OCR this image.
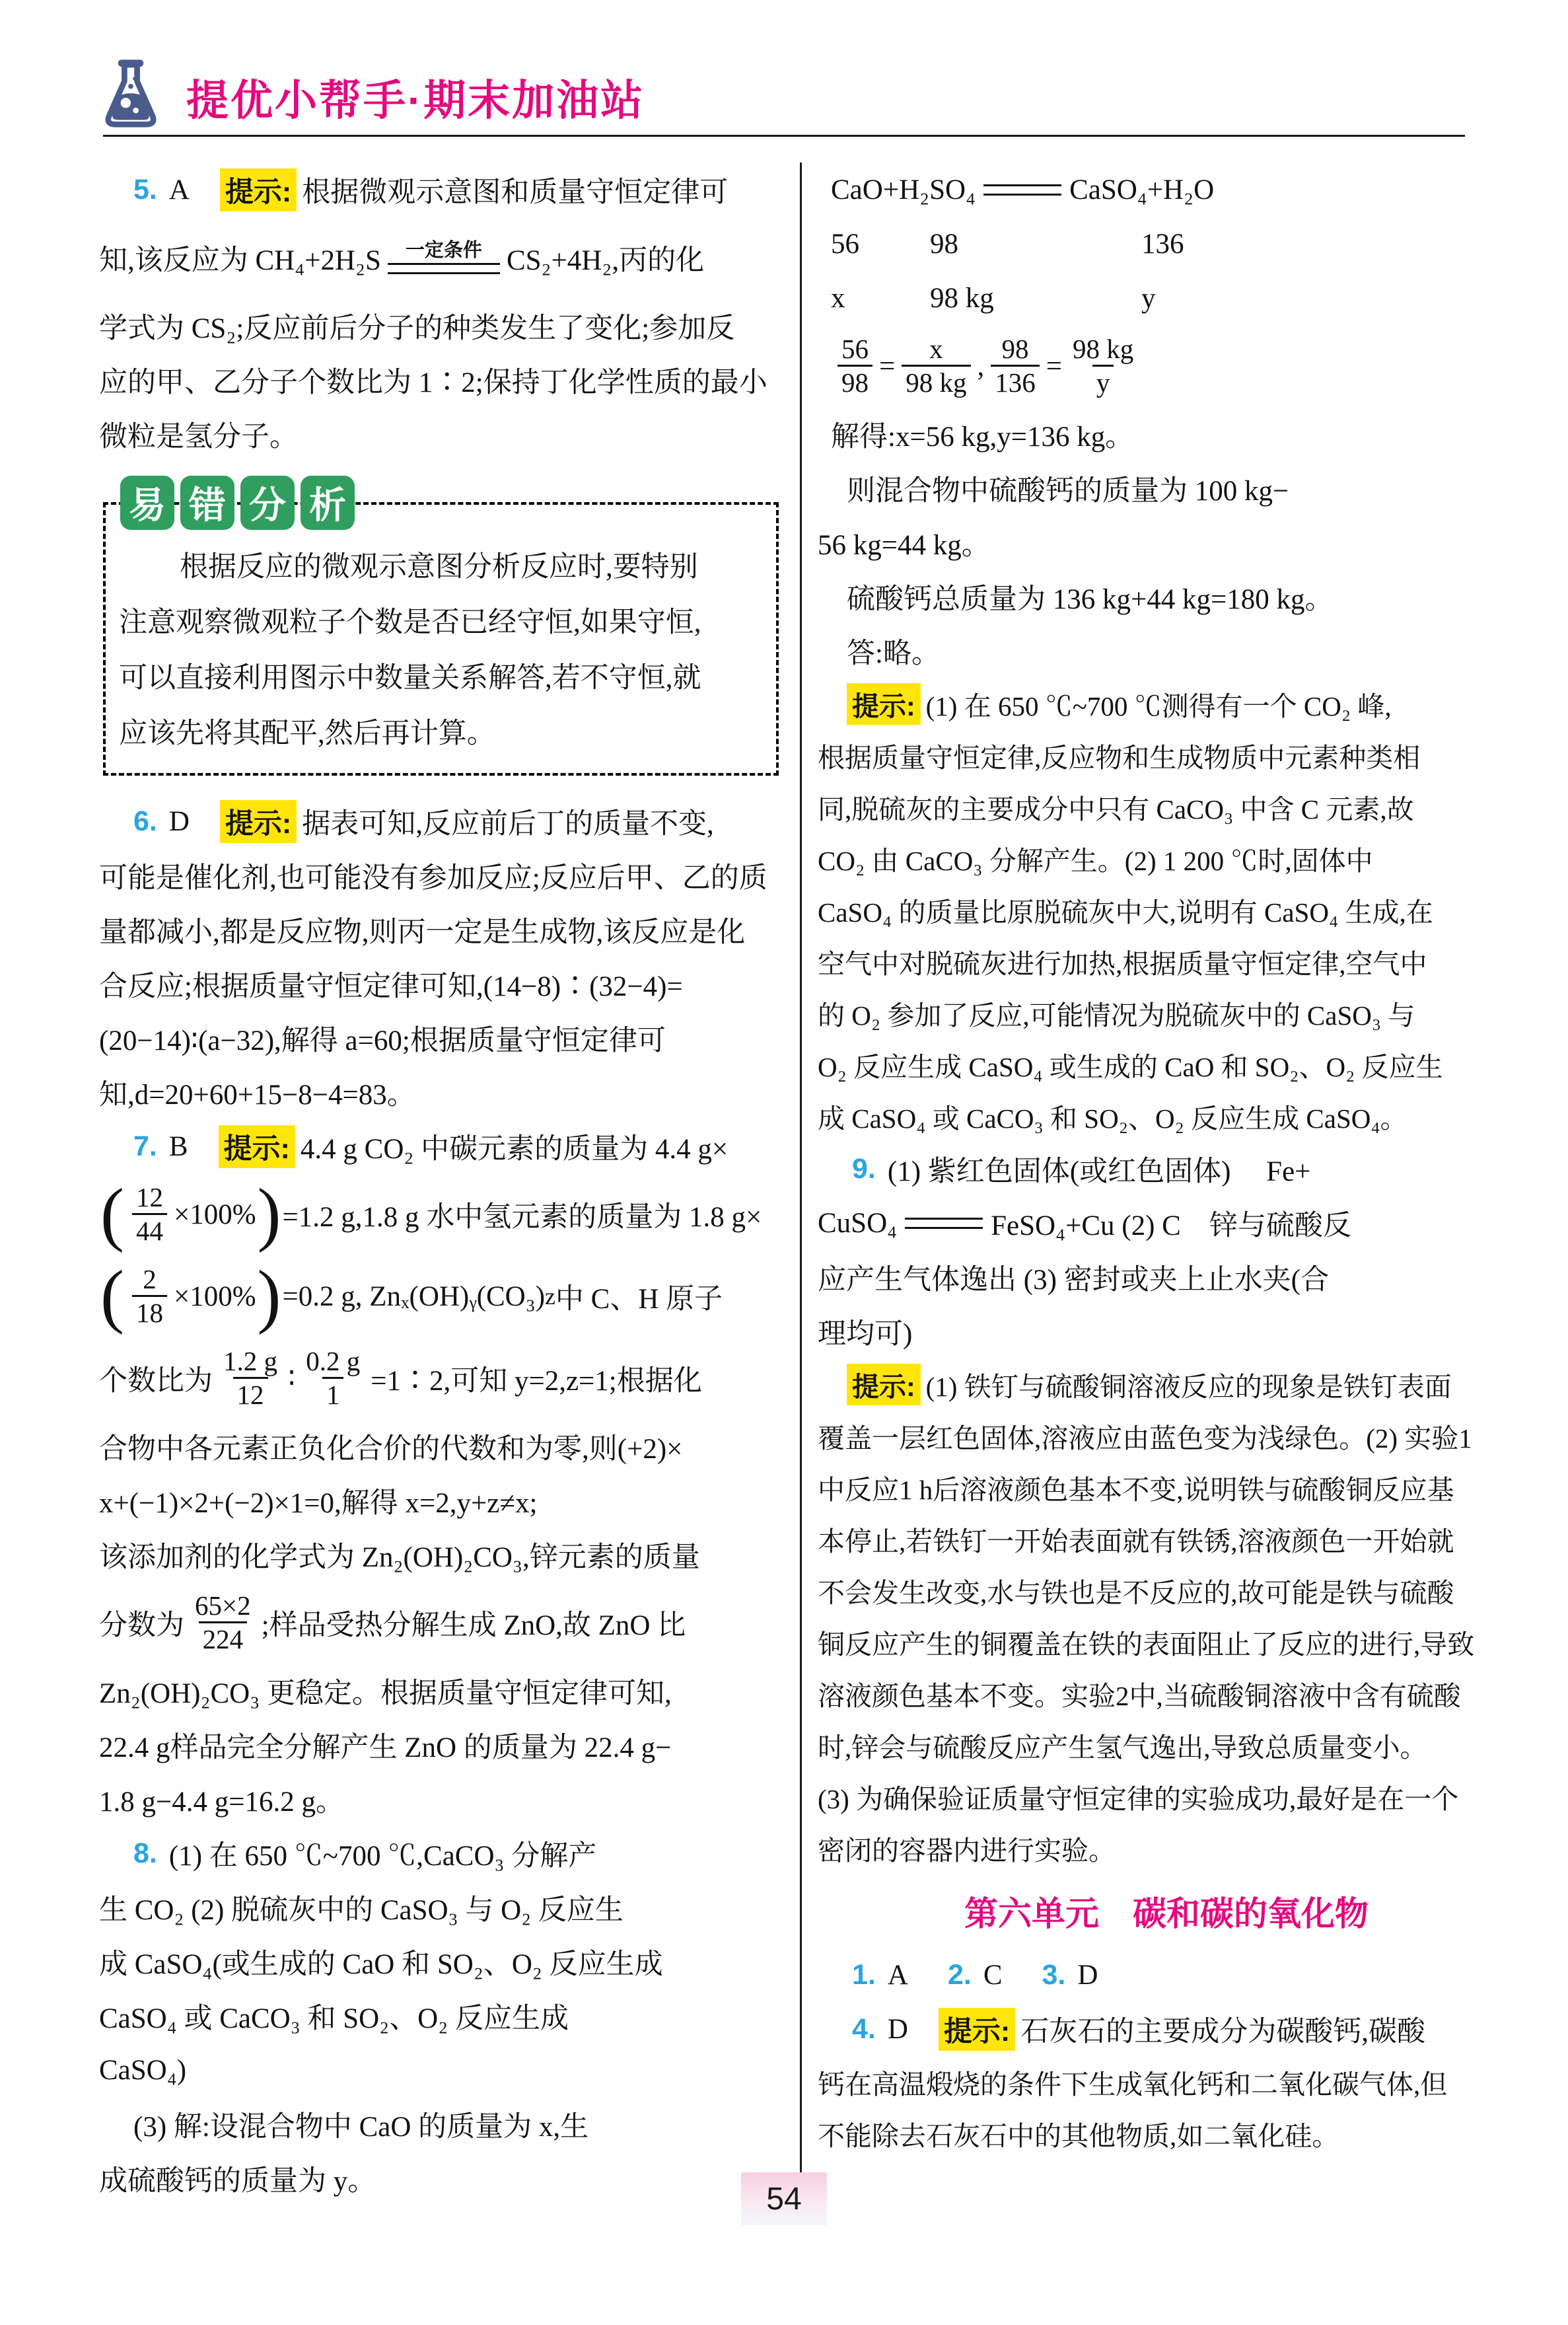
提优小帮手·期末加油站
5. A 提示: 根据微观示意图和质量守恒定律可
知,该反应为 CH₄+2H₂S 一定条件 CS₂+4H₂,丙的化
学式为 CS₂;反应前后分子的种类发生了变化;参加反
应的甲、乙分子个数比为 1∶2;保持丁化学性质的最小
微粒是氢分子。
易 错 分 析
根据反应的微观示意图分析反应时,要特别
注意观察微观粒子个数是否已经守恒,如果守恒,
可以直接利用图示中数量关系解答,若不守恒,就
应该先将其配平,然后再计算。
6. D 提示: 据表可知,反应前后丁的质量不变,
可能是催化剂,也可能没有参加反应;反应后甲、乙的质
量都减小,都是反应物,则丙一定是生成物,该反应是化
合反应;根据质量守恒定律可知,(14−8)∶(32−4)=
(20−14)∶(a−32),解得 a=60;根据质量守恒定律可
知,d=20+60+15−8−4=83。
7. B 提示: 4.4 g CO₂ 中碳元素的质量为 4.4 g×
( $\frac{12}{44} \times 100\%$ ) =1.2 g,1.8 g 水中氢元素的质量为 1.8 g×
( $\frac{2}{18} \times 100\%$ ) =0.2 g, Znₓ(OH)ᵧ(CO₃) z 中 C、H 原子
个数比为
1.2 g
12
∶ $\frac{0.2 g}{1}$ =1∶2,可知 y=2,z=1;根据化
合物中各元素正负化合价的代数和为零,则(+2)×
x+(−1)×2+(−2)×1=0,解得 x=2,y+z≠x;
该添加剂的化学式为 Zn₂(OH)₂CO₃,锌元素的质量
分数为
65×2
224 ;样品受热分解生成 ZnO,故 ZnO 比
Zn₂(OH)₂CO₃ 更稳定。根据质量守恒定律可知,
22.4 g样品完全分解产生 ZnO 的质量为 22.4 g−
1.8 g−4.4 g=16.2 g。
8. (1) 在 650 ℃~700 ℃,CaCO₃ 分解产
生 CO₂ (2) 脱硫灰中的 CaSO₃ 与 O₂ 反应生
成 CaSO₄(或生成的 CaO 和 SO₂、O₂ 反应生成
CaSO₄ 或 CaCO₃ 和 SO₂、O₂ 反应生成
CaSO₄)
(3) 解:设混合物中 CaO 的质量为 x,生
成硫酸钙的质量为 y。
CaO+H₂SO₄	CaSO₄+H₂O
56	98	136
x	98 kg	y
$\frac{56}{98} = \frac{x}{98 kg}$ , $\frac{98}{136} = \frac{98 kg}{y}$
解得:x=56 kg,y=136 kg。
则混合物中硫酸钙的质量为 100 kg−
56 kg=44 kg。
硫酸钙总质量为 136 kg+44 kg=180 kg。
答:略。
提示: (1) 在 650 ℃~700 ℃测得有一个 CO₂ 峰,
根据质量守恒定律,反应物和生成物质中元素种类相
同,脱硫灰的主要成分中只有 CaCO₃ 中含 C 元素,故
CO₂ 由 CaCO₃ 分解产生。(2) 1 200 ℃时,固体中
CaSO₄ 的质量比原脱硫灰中大,说明有 CaSO₄ 生成,在
空气中对脱硫灰进行加热,根据质量守恒定律,空气中
的 O₂ 参加了反应,可能情况为脱硫灰中的 CaSO₃ 与
O₂ 反应生成 CaSO₄ 或生成的 CaO 和 SO₂、O₂ 反应生
成 CaSO₄ 或 CaCO₃ 和 SO₂、O₂ 反应生成 CaSO₄。
9. (1) 紫红色固体(或红色固体)　 Fe+
CuSO₄	FeSO₄+Cu (2) C　锌与硫酸反
应产生气体逸出 (3) 密封或夹上止水夹(合
理均可)
提示: (1) 铁钉与硫酸铜溶液反应的现象是铁钉表面
覆盖一层红色固体,溶液应由蓝色变为浅绿色。(2) 实验1
中反应1 h后溶液颜色基本不变,说明铁与硫酸铜反应基
本停止,若铁钉一开始表面就有铁锈,溶液颜色一开始就
不会发生改变,水与铁也是不反应的,故可能是铁与硫酸
铜反应产生的铜覆盖在铁的表面阻止了反应的进行,导致
溶液颜色基本不变。实验2中,当硫酸铜溶液中含有硫酸
时,锌会与硫酸反应产生氢气逸出,导致总质量变小。
(3) 为确保验证质量守恒定律的实验成功,最好是在一个
密闭的容器内进行实验。
第六单元　碳和碳的氧化物
1. A 2. C 3. D
4. D 提示: 石灰石的主要成分为碳酸钙,碳酸
钙在高温煅烧的条件下生成氧化钙和二氧化碳气体,但
不能除去石灰石中的其他物质,如二氧化硅。
54
